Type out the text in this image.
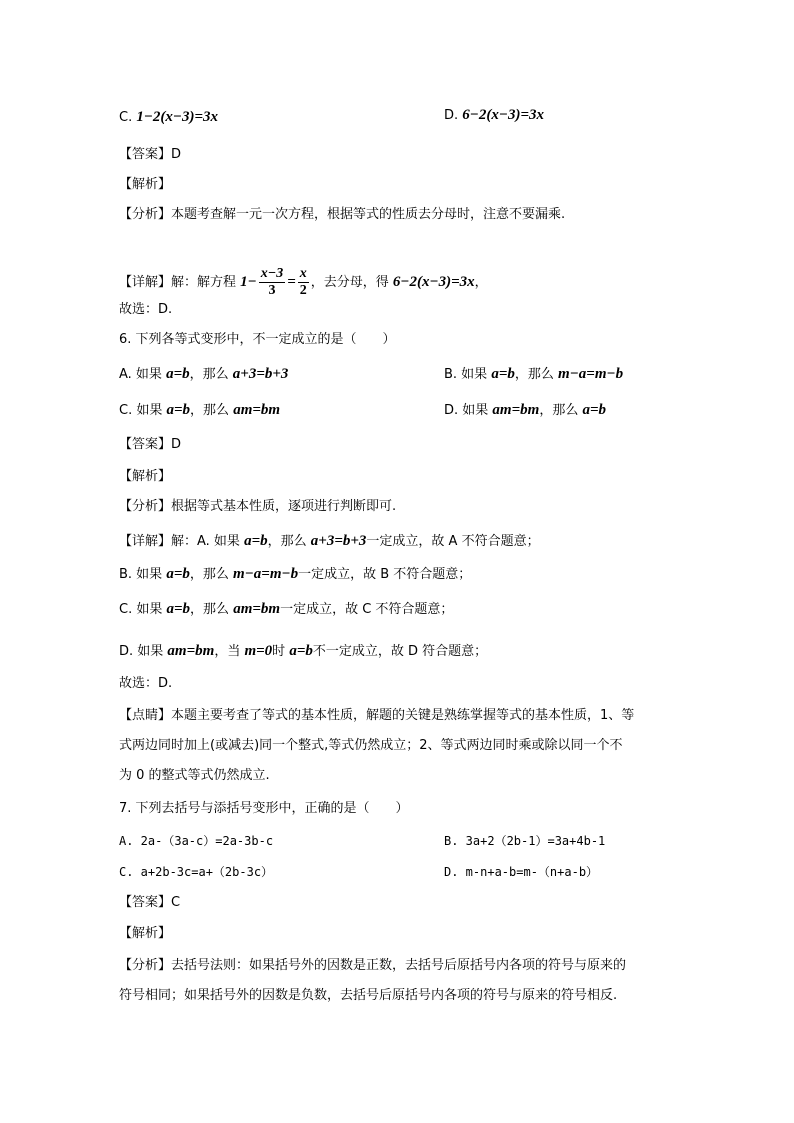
C. 1−2(x−3)=3x	D. 6−2(x−3)=3x
【答案】D
【解析】
【分析】本题考查解一元一次方程，根据等式的性质去分母时，注意不要漏乘.
【详解】解：解方程 $1- \frac{x-3}{3} = \frac{x}{2}$ ，去分母，得 6−2(x−3)=3x，
故选：D.
6. 下列各等式变形中，不一定成立的是（　　）
A. 如果 a=b，那么 a+3=b+3	B. 如果 a=b，那么 m−a=m−b
C. 如果 a=b，那么 am=bm	D. 如果 am=bm，那么 a=b
【答案】D
【解析】
【分析】根据等式基本性质，逐项进行判断即可.
【详解】解：A. 如果 a=b，那么 a+3=b+3一定成立，故 A 不符合题意；
B. 如果 a=b，那么 m−a=m−b一定成立，故 B 不符合题意；
C. 如果 a=b，那么 am=bm一定成立，故 C 不符合题意；
D. 如果 am=bm，当 m=0时 a=b不一定成立，故 D 符合题意；
故选：D.
【点睛】本题主要考查了等式的基本性质，解题的关键是熟练掌握等式的基本性质，1、等
式两边同时加上(或减去)同一个整式,等式仍然成立；2、等式两边同时乘或除以同一个不
为 0 的整式等式仍然成立.
7. 下列去括号与添括号变形中，正确的是（　　）
A. 2a-（3a-c）=2a-3b-c	B. 3a+2（2b-1）=3a+4b-1
C. a+2b-3c=a+（2b-3c）	D. m-n+a-b=m-（n+a-b）
【答案】C
【解析】
【分析】去括号法则：如果括号外的因数是正数，去括号后原括号内各项的符号与原来的
符号相同；如果括号外的因数是负数，去括号后原括号内各项的符号与原来的符号相反.
